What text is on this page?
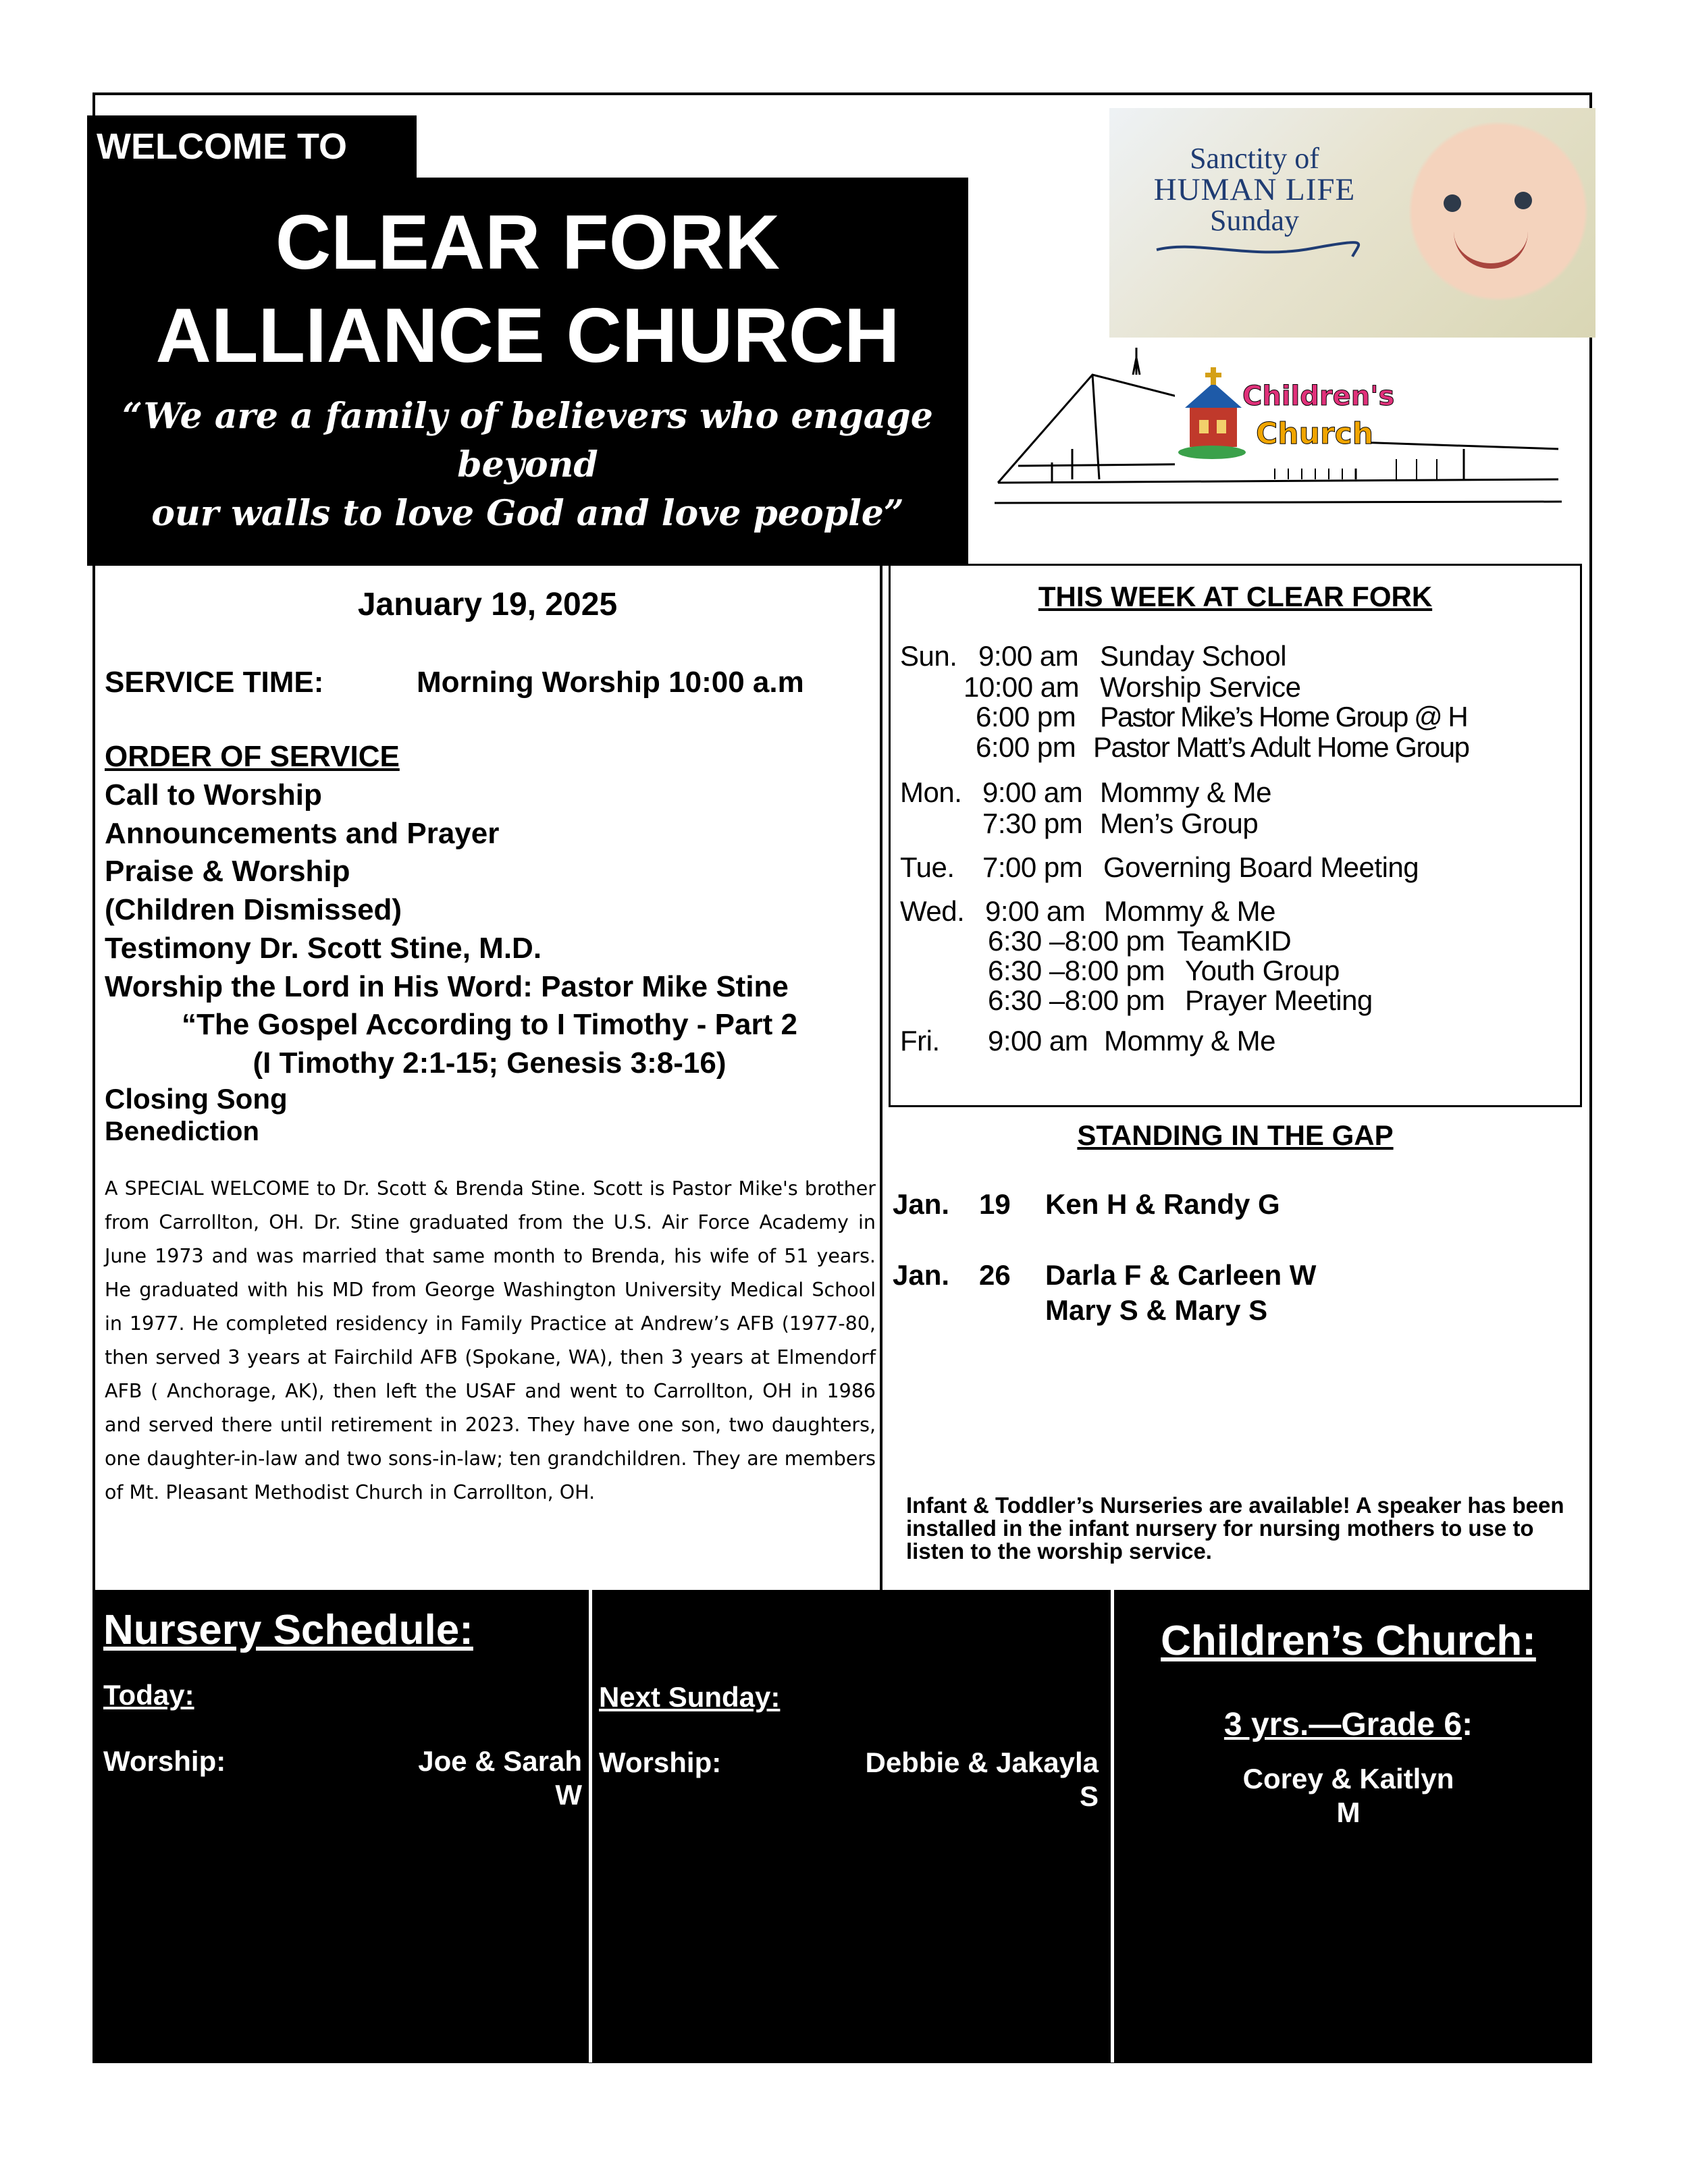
WELCOME TO
CLEAR FORK
ALLIANCE CHURCH
“We are a family of believers who engage beyond
our walls to love God and love people”
Sanctity of
HUMAN LIFE
Sunday
January 19, 2025
SERVICE TIME:	Morning Worship 10:00 a.m
ORDER OF SERVICE
Call to Worship
Announcements and Prayer
Praise & Worship
(Children Dismissed)
Testimony Dr. Scott Stine, M.D.
Worship the Lord in His Word: Pastor Mike Stine
“The Gospel According to I Timothy - Part 2
(I Timothy 2:1-15; Genesis 3:8-16)
Closing Song
Benediction
A SPECIAL WELCOME to Dr. Scott & Brenda Stine. Scott is Pastor Mike's brother from Carrollton, OH. Dr. Stine graduated from the U.S. Air Force Academy in June 1973 and was married that same month to Brenda, his wife of 51 years. He graduated with his MD from George Washington University Medical School in 1977. He completed residency in Family Practice at Andrew’s AFB (1977-80, then served 3 years at Fairchild AFB (Spokane, WA), then 3 years at Elmendorf AFB ( Anchorage, AK), then left the USAF and went to Carrollton, OH in 1986 and served there until retirement in 2023. They have one son, two daughters, one daughter-in-law and two sons-in-law; ten grandchildren. They are members of Mt. Pleasant Methodist Church in Carrollton, OH.
THIS WEEK AT CLEAR FORK
Sun. 9:00 am Sunday School
10:00 am Worship Service
6:00 pm Pastor Mike’s Home Group @ H
6:00 pm Pastor Matt’s Adult Home Group
Mon. 9:00 am Mommy & Me
7:30 pm Men’s Group
Tue. 7:00 pm Governing Board Meeting
Wed. 9:00 am Mommy & Me
6:30 –8:00 pm TeamKID
6:30 –8:00 pm Youth Group
6:30 –8:00 pm Prayer Meeting
Fri. 9:00 am Mommy & Me
STANDING IN THE GAP
Jan. 19 Ken H & Randy G
Jan. 26 Darla F & Carleen W
Mary S & Mary S
Infant & Toddler’s Nurseries are available! A speaker has been installed in the infant nursery for nursing mothers to use to listen to the worship service.
Nursery Schedule:
Today:
Worship:	Joe & Sarah
W
Next Sunday:
Worship:	Debbie & Jakayla
S
Children’s Church:
3 yrs.—Grade 6:
Corey & Kaitlyn
M
Children's
Church
